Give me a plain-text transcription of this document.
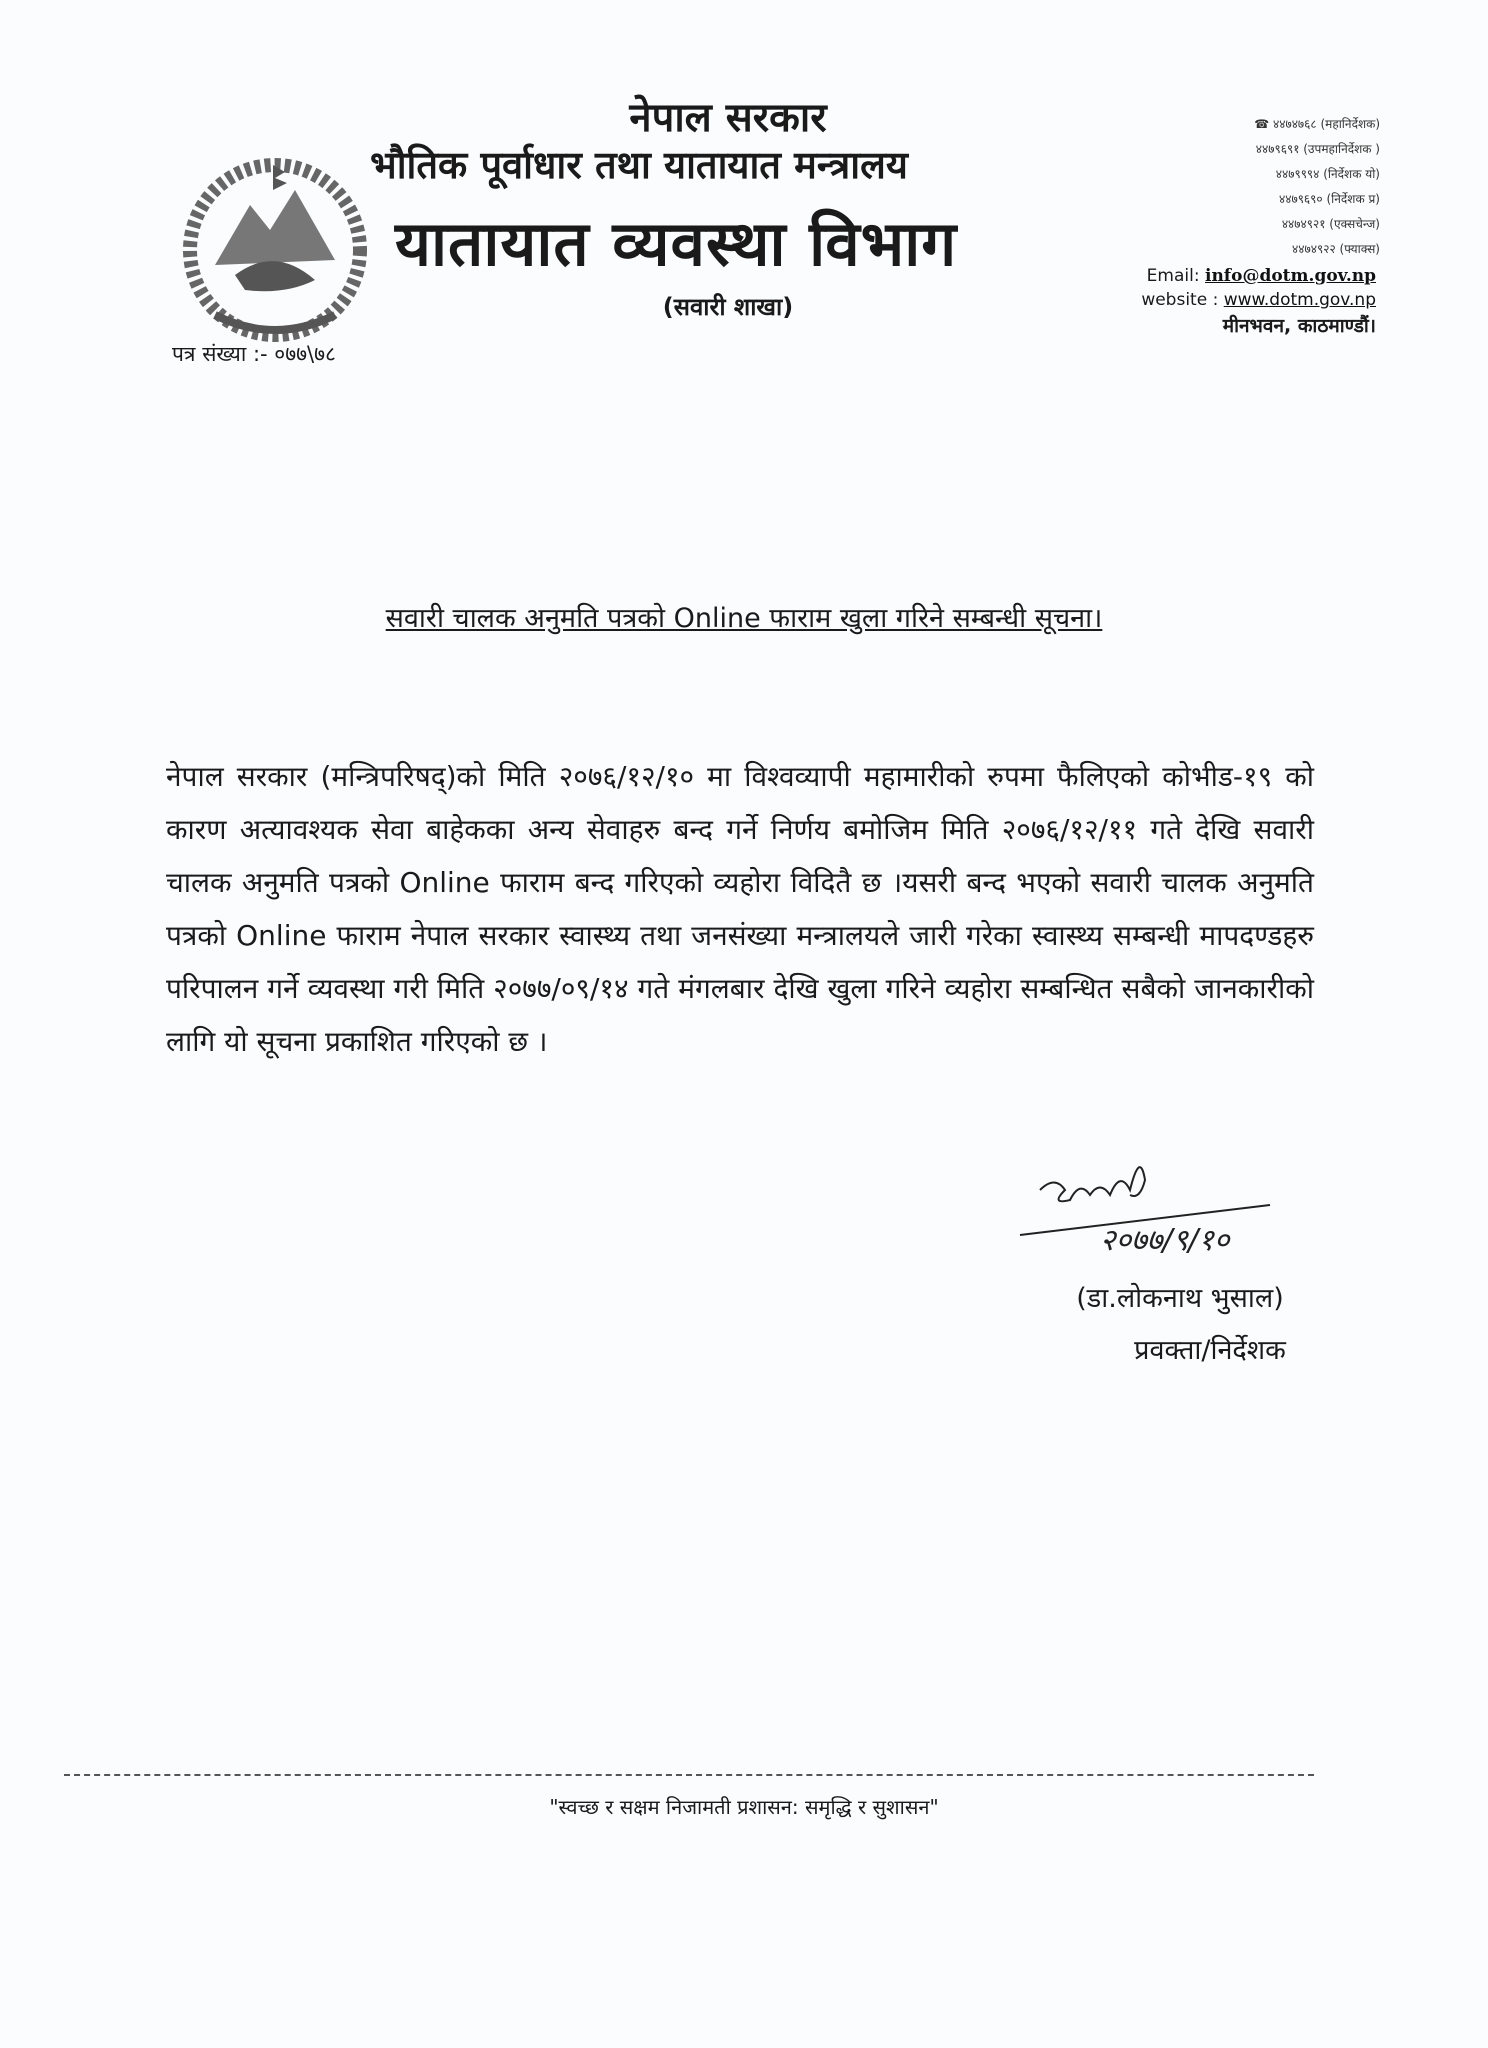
नेपाल सरकार
भौतिक पूर्वाधार तथा यातायात मन्त्रालय
यातायात व्यवस्था विभाग
(सवारी शाखा)
पत्र संख्या :- ०७७\७८
☎ ४४७४७६८ (महानिर्देशक)
४४७९६९१ (उपमहानिर्देशक )
४४७९९९४ (निर्देशक यो)
४४७९६९० (निर्देशक प्र)
४४७४९२१ (एक्सचेन्ज)
४४७४९२२ (फ्याक्स)
Email: info@dotm.gov.np
website : www.dotm.gov.np
मीनभवन, काठमाण्डौं।
सवारी चालक अनुमति पत्रको Online फाराम खुला गरिने सम्बन्धी सूचना।
नेपाल सरकार (मन्त्रिपरिषद्)को मिति २०७६/१२/१० मा विश्वव्यापी महामारीको रुपमा फैलिएको कोभीड-१९ को कारण अत्यावश्यक सेवा बाहेकका अन्य सेवाहरु बन्द गर्ने निर्णय बमोजिम मिति २०७६/१२/११ गते देखि सवारी चालक अनुमति पत्रको Online फाराम बन्द गरिएको व्यहोरा विदितै छ ।यसरी बन्द भएको सवारी चालक अनुमति पत्रको Online फाराम नेपाल सरकार स्वास्थ्य तथा जनसंख्या मन्त्रालयले जारी गरेका स्वास्थ्य सम्बन्धी मापदण्डहरु परिपालन गर्ने व्यवस्था गरी मिति २०७७/०९/१४ गते मंगलबार देखि खुला गरिने व्यहोरा सम्बन्धित सबैको जानकारीको लागि यो सूचना प्रकाशित गरिएको छ ।
२०७७/९/१०
(डा.लोकनाथ भुसाल)
प्रवक्ता/निर्देशक
"स्वच्छ र सक्षम निजामती प्रशासन: समृद्धि र सुशासन"
